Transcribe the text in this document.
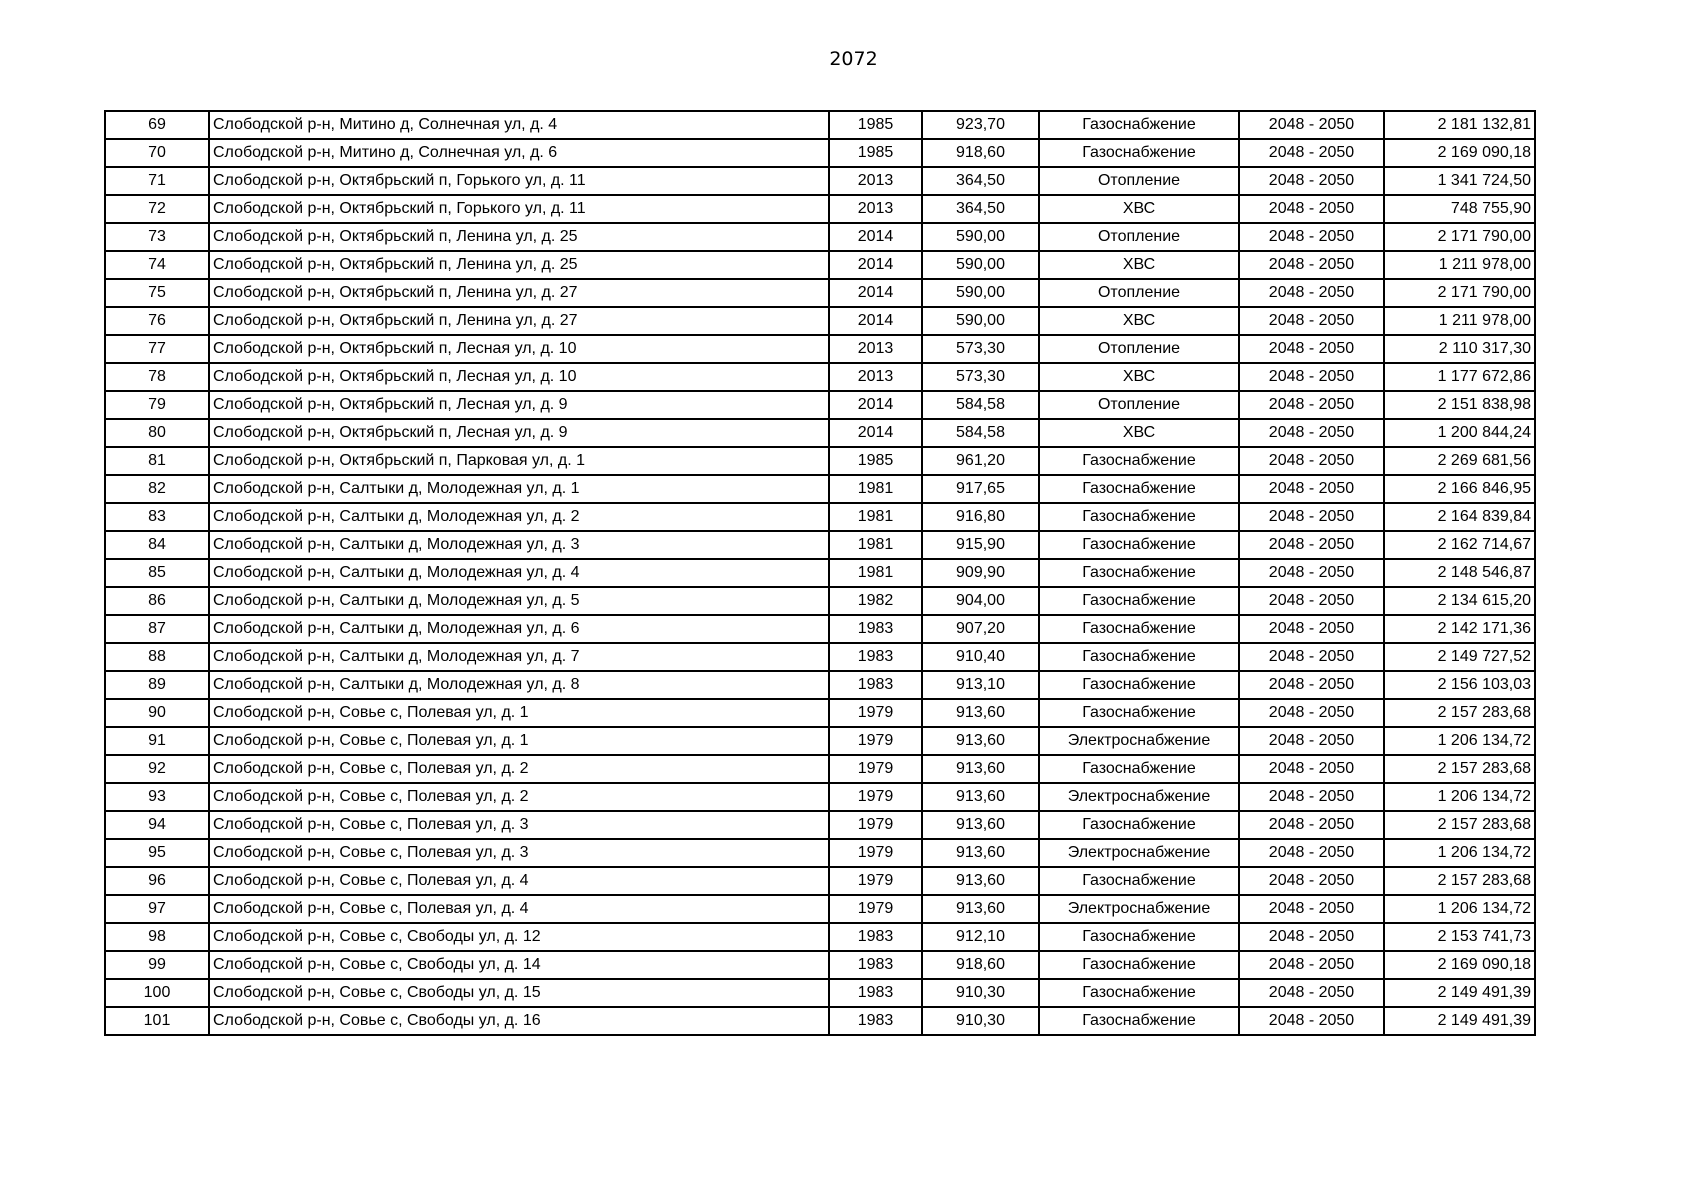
2072
69	Слободской р-н, Митино д, Солнечная ул, д. 4	1985	923,70	Газоснабжение	2048 - 2050	2 181 132,81
70	Слободской р-н, Митино д, Солнечная ул, д. 6	1985	918,60	Газоснабжение	2048 - 2050	2 169 090,18
71	Слободской р-н, Октябрьский п, Горького ул, д. 11	2013	364,50	Отопление	2048 - 2050	1 341 724,50
72	Слободской р-н, Октябрьский п, Горького ул, д. 11	2013	364,50	ХВС	2048 - 2050	748 755,90
73	Слободской р-н, Октябрьский п, Ленина ул, д. 25	2014	590,00	Отопление	2048 - 2050	2 171 790,00
74	Слободской р-н, Октябрьский п, Ленина ул, д. 25	2014	590,00	ХВС	2048 - 2050	1 211 978,00
75	Слободской р-н, Октябрьский п, Ленина ул, д. 27	2014	590,00	Отопление	2048 - 2050	2 171 790,00
76	Слободской р-н, Октябрьский п, Ленина ул, д. 27	2014	590,00	ХВС	2048 - 2050	1 211 978,00
77	Слободской р-н, Октябрьский п, Лесная ул, д. 10	2013	573,30	Отопление	2048 - 2050	2 110 317,30
78	Слободской р-н, Октябрьский п, Лесная ул, д. 10	2013	573,30	ХВС	2048 - 2050	1 177 672,86
79	Слободской р-н, Октябрьский п, Лесная ул, д. 9	2014	584,58	Отопление	2048 - 2050	2 151 838,98
80	Слободской р-н, Октябрьский п, Лесная ул, д. 9	2014	584,58	ХВС	2048 - 2050	1 200 844,24
81	Слободской р-н, Октябрьский п, Парковая ул, д. 1	1985	961,20	Газоснабжение	2048 - 2050	2 269 681,56
82	Слободской р-н, Салтыки д, Молодежная ул, д. 1	1981	917,65	Газоснабжение	2048 - 2050	2 166 846,95
83	Слободской р-н, Салтыки д, Молодежная ул, д. 2	1981	916,80	Газоснабжение	2048 - 2050	2 164 839,84
84	Слободской р-н, Салтыки д, Молодежная ул, д. 3	1981	915,90	Газоснабжение	2048 - 2050	2 162 714,67
85	Слободской р-н, Салтыки д, Молодежная ул, д. 4	1981	909,90	Газоснабжение	2048 - 2050	2 148 546,87
86	Слободской р-н, Салтыки д, Молодежная ул, д. 5	1982	904,00	Газоснабжение	2048 - 2050	2 134 615,20
87	Слободской р-н, Салтыки д, Молодежная ул, д. 6	1983	907,20	Газоснабжение	2048 - 2050	2 142 171,36
88	Слободской р-н, Салтыки д, Молодежная ул, д. 7	1983	910,40	Газоснабжение	2048 - 2050	2 149 727,52
89	Слободской р-н, Салтыки д, Молодежная ул, д. 8	1983	913,10	Газоснабжение	2048 - 2050	2 156 103,03
90	Слободской р-н, Совье с, Полевая ул, д. 1	1979	913,60	Газоснабжение	2048 - 2050	2 157 283,68
91	Слободской р-н, Совье с, Полевая ул, д. 1	1979	913,60	Электроснабжение	2048 - 2050	1 206 134,72
92	Слободской р-н, Совье с, Полевая ул, д. 2	1979	913,60	Газоснабжение	2048 - 2050	2 157 283,68
93	Слободской р-н, Совье с, Полевая ул, д. 2	1979	913,60	Электроснабжение	2048 - 2050	1 206 134,72
94	Слободской р-н, Совье с, Полевая ул, д. 3	1979	913,60	Газоснабжение	2048 - 2050	2 157 283,68
95	Слободской р-н, Совье с, Полевая ул, д. 3	1979	913,60	Электроснабжение	2048 - 2050	1 206 134,72
96	Слободской р-н, Совье с, Полевая ул, д. 4	1979	913,60	Газоснабжение	2048 - 2050	2 157 283,68
97	Слободской р-н, Совье с, Полевая ул, д. 4	1979	913,60	Электроснабжение	2048 - 2050	1 206 134,72
98	Слободской р-н, Совье с, Свободы ул, д. 12	1983	912,10	Газоснабжение	2048 - 2050	2 153 741,73
99	Слободской р-н, Совье с, Свободы ул, д. 14	1983	918,60	Газоснабжение	2048 - 2050	2 169 090,18
100	Слободской р-н, Совье с, Свободы ул, д. 15	1983	910,30	Газоснабжение	2048 - 2050	2 149 491,39
101	Слободской р-н, Совье с, Свободы ул, д. 16	1983	910,30	Газоснабжение	2048 - 2050	2 149 491,39
